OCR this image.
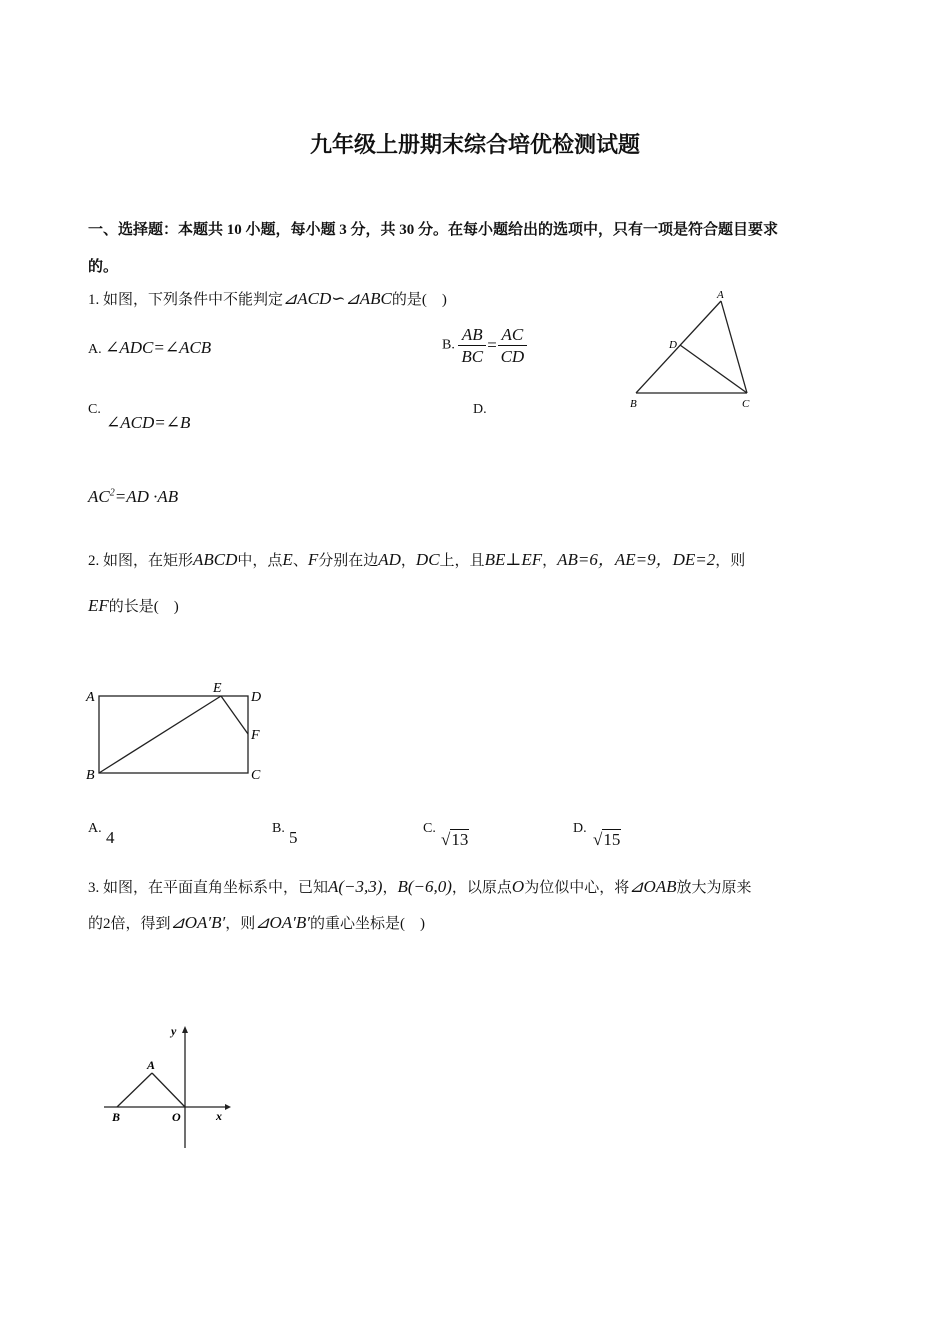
九年级上册期末综合培优检测试题
一、选择题：本题共 10 小题，每小题 3 分，共 30 分。在每小题给出的选项中，只有一项是符合题目要求
的。
1. 如图，下列条件中不能判定⊿ACD∽⊿ABC的是(　)
A. ∠ADC=∠ACB	B. $\frac{AB}{BC} = \frac{AC}{CD}$
C.
∠ACD=∠B
D.
$AC^2=AD \cdot AB$
A
D
B	C
2. 如图，在矩形ABCD中，点E、F分别在边AD，DC上，且BE⊥EF，AB=6，AE=9，DE=2，则
EF的长是(　)
A
E
D
F
B	C
A. 4	B. 5	C.
√13
D.
√15
3. 如图，在平面直角坐标系中，已知A(−3,3)，B(−6,0)，以原点O为位似中心，将⊿OAB放大为原来
的2倍，得到⊿OA′B′，则⊿OA′B′的重心坐标是(　)
y
x
A
B	O
